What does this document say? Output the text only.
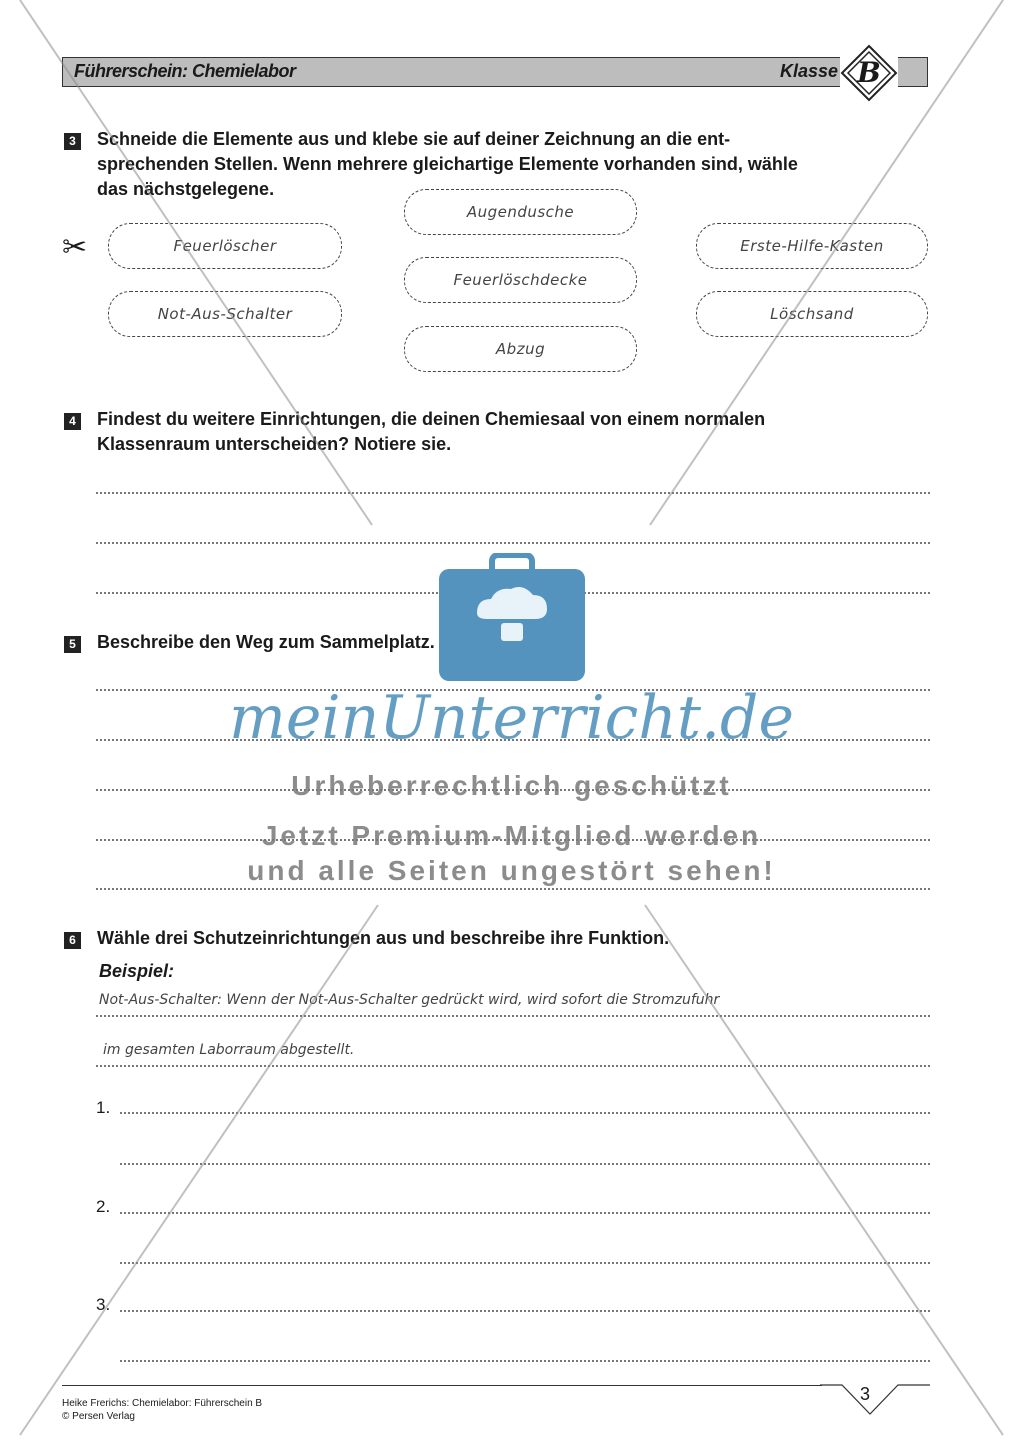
Führerschein: Chemielabor	Klasse B
3 Schneide die Elemente aus und klebe sie auf deiner Zeichnung an die ent-
sprechenden Stellen. Wenn mehrere gleichartige Elemente vorhanden sind, wähle
das nächstgelegene.
✂
Augendusche
Feuerlöscher	Erste-Hilfe-Kasten
Feuerlöschdecke
Not-Aus-Schalter	Löschsand
Abzug
4 Findest du weitere Einrichtungen, die deinen Chemiesaal von einem normalen
Klassenraum unterscheiden? Notiere sie.
5 Beschreibe den Weg zum Sammelplatz.
6 Wähle drei Schutzeinrichtungen aus und beschreibe ihre Funktion.
Beispiel:
Not-Aus-Schalter: Wenn der Not-Aus-Schalter gedrückt wird, wird sofort die Stromzufuhr
im gesamten Laborraum abgestellt.
1.
2.
3.
meinUnterricht.de
Urheberrechtlich geschützt
Jetzt Premium-Mitglied werden
und alle Seiten ungestört sehen!
3
Heike Frerichs: Chemielabor: Führerschein B
© Persen Verlag
